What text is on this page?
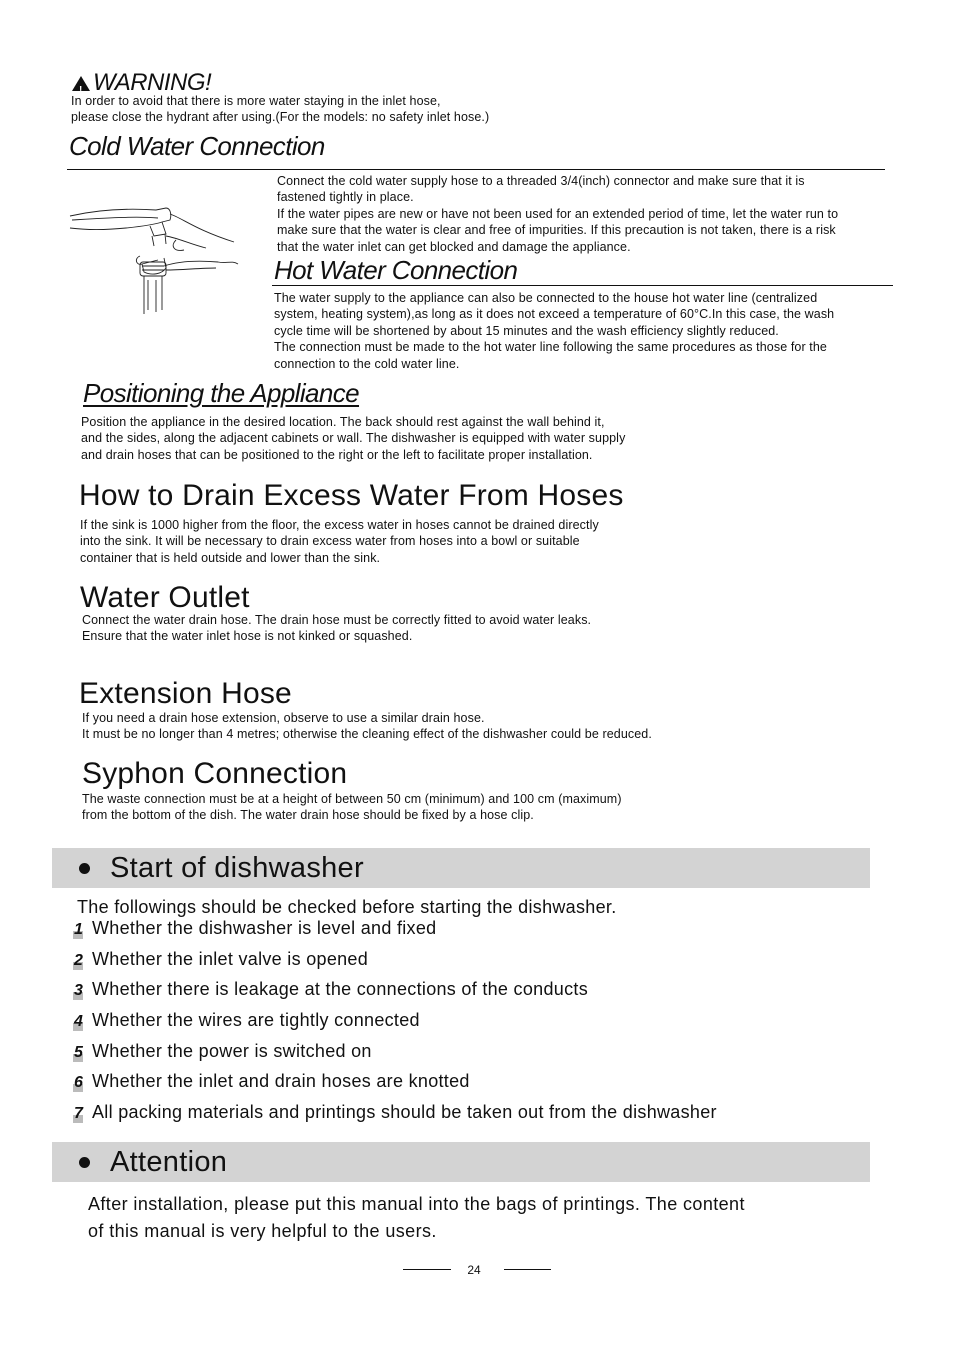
!WARNING!
In order to avoid that there is more water staying in the inlet hose,
please close the hydrant after using.(For the models: no safety inlet hose.)
Cold Water Connection
Connect the cold water supply hose to a threaded 3/4(inch) connector and make sure that it is
fastened tightly in place.
If the water pipes are new or have not been used for an extended period of time, let the water run to
make sure that the water is clear and free of impurities. If this precaution is not taken, there is a risk
that the water inlet can get blocked and damage the appliance.
Hot Water Connection
The water supply to the appliance can also be connected to the house hot water line (centralized
system, heating system),as long as it does not exceed a temperature of 60°C.In this case, the wash
cycle time will be shortened by about 15 minutes and the wash efficiency slightly reduced.
The connection must be made to the hot water line following the same procedures as those for the
connection to the cold water line.
Positioning the Appliance
Position the appliance in the desired location. The back should rest against the wall behind it,
and the sides, along the adjacent cabinets or wall. The dishwasher is equipped with water supply
and drain hoses that can be positioned to the right or the left to facilitate proper installation.
How to Drain Excess Water From Hoses
If the sink is 1000 higher from the floor, the excess water in hoses cannot be drained directly
into the sink. It will be necessary to drain excess water from hoses into a bowl or suitable
container that is held outside and lower than the sink.
Water Outlet
Connect the water drain hose. The drain hose must be correctly fitted to avoid water leaks.
Ensure that the water inlet hose is not kinked or squashed.
Extension Hose
If you need a drain hose extension, observe to use a similar drain hose.
It must be no longer than 4 metres; otherwise the cleaning effect of the dishwasher could be reduced.
Syphon Connection
The waste connection must be at a height of between 50 cm (minimum) and 100 cm (maximum)
from the bottom of the dish. The water drain hose should be fixed by a hose clip.
Start of dishwasher
The followings should be checked before starting the dishwasher.
1 Whether the dishwasher is level and fixed
2 Whether the inlet valve is opened
3 Whether there is leakage at the connections of the conducts
4 Whether the wires are tightly connected
5 Whether the power is switched on
6 Whether the inlet and drain hoses are knotted
7 All packing materials and printings should be taken out from the dishwasher
Attention
After installation, please put this manual into the bags of printings. The content
of this manual is very helpful to the users.
24
